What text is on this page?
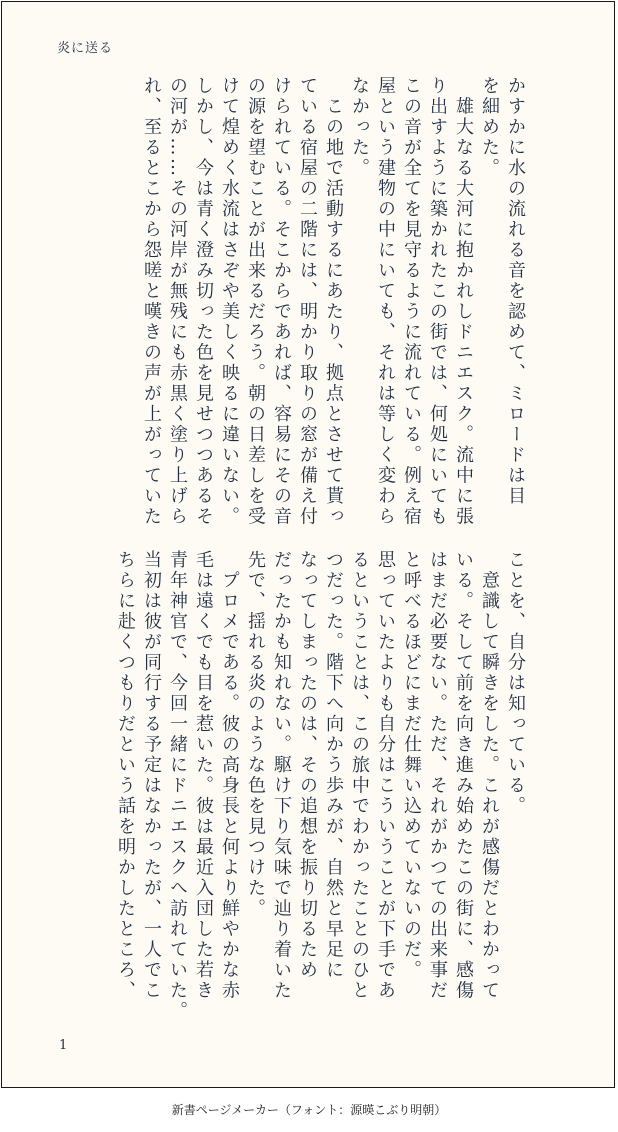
炎に送る

かすかに水の流れる音を認めて、ミロードは目

を細めた。

　雄大なる大河に抱かれしドニエスク。流中に張

り出すように築かれたこの街では、何処にいても

この音が全てを見守るように流れている。例え宿

屋という建物の中にいても、それは等しく変わら

なかった。

　この地で活動するにあたり、拠点とさせて貰っ

ている宿屋の二階には、明かり取りの窓が備え付

けられている。そこからであれば、容易にその音

の源を望むことが出来るだろう。朝の日差しを受

けて煌めく水流はさぞや美しく映るに違いない。

しかし、今は青く澄み切った色を見せつつあるそ

の河が……その河岸が無残にも赤黒く塗り上げら

れ、至るとこから怨嗟と嘆きの声が上がっていた

ことを、自分は知っている。

　意識して瞬きをした。これが感傷だとわかって

いる。そして前を向き進み始めたこの街に、感傷

はまだ必要ない。ただ、それがかつての出来事だ

と呼べるほどにまだ仕舞い込めていないのだ。

思っていたよりも自分はこういうことが下手であ

るということは、この旅中でわかったことのひと

つだった。階下へ向かう歩みが、自然と早足に

なってしまったのは、その追想を振り切るため

だったかも知れない。駆け下り気味で辿り着いた

先で、揺れる炎のような色を見つけた。

　プロメである。彼の高身長と何より鮮やかな赤

毛は遠くでも目を惹いた。彼は最近入団した若き

青年神官で、今回一緒にドニエスクへ訪れていた。

当初は彼が同行する予定はなかったが、一人でこ

ちらに赴くつもりだという話を明かしたところ、

1
新書ページメーカー（フォント：源暎こぶり明朝）
